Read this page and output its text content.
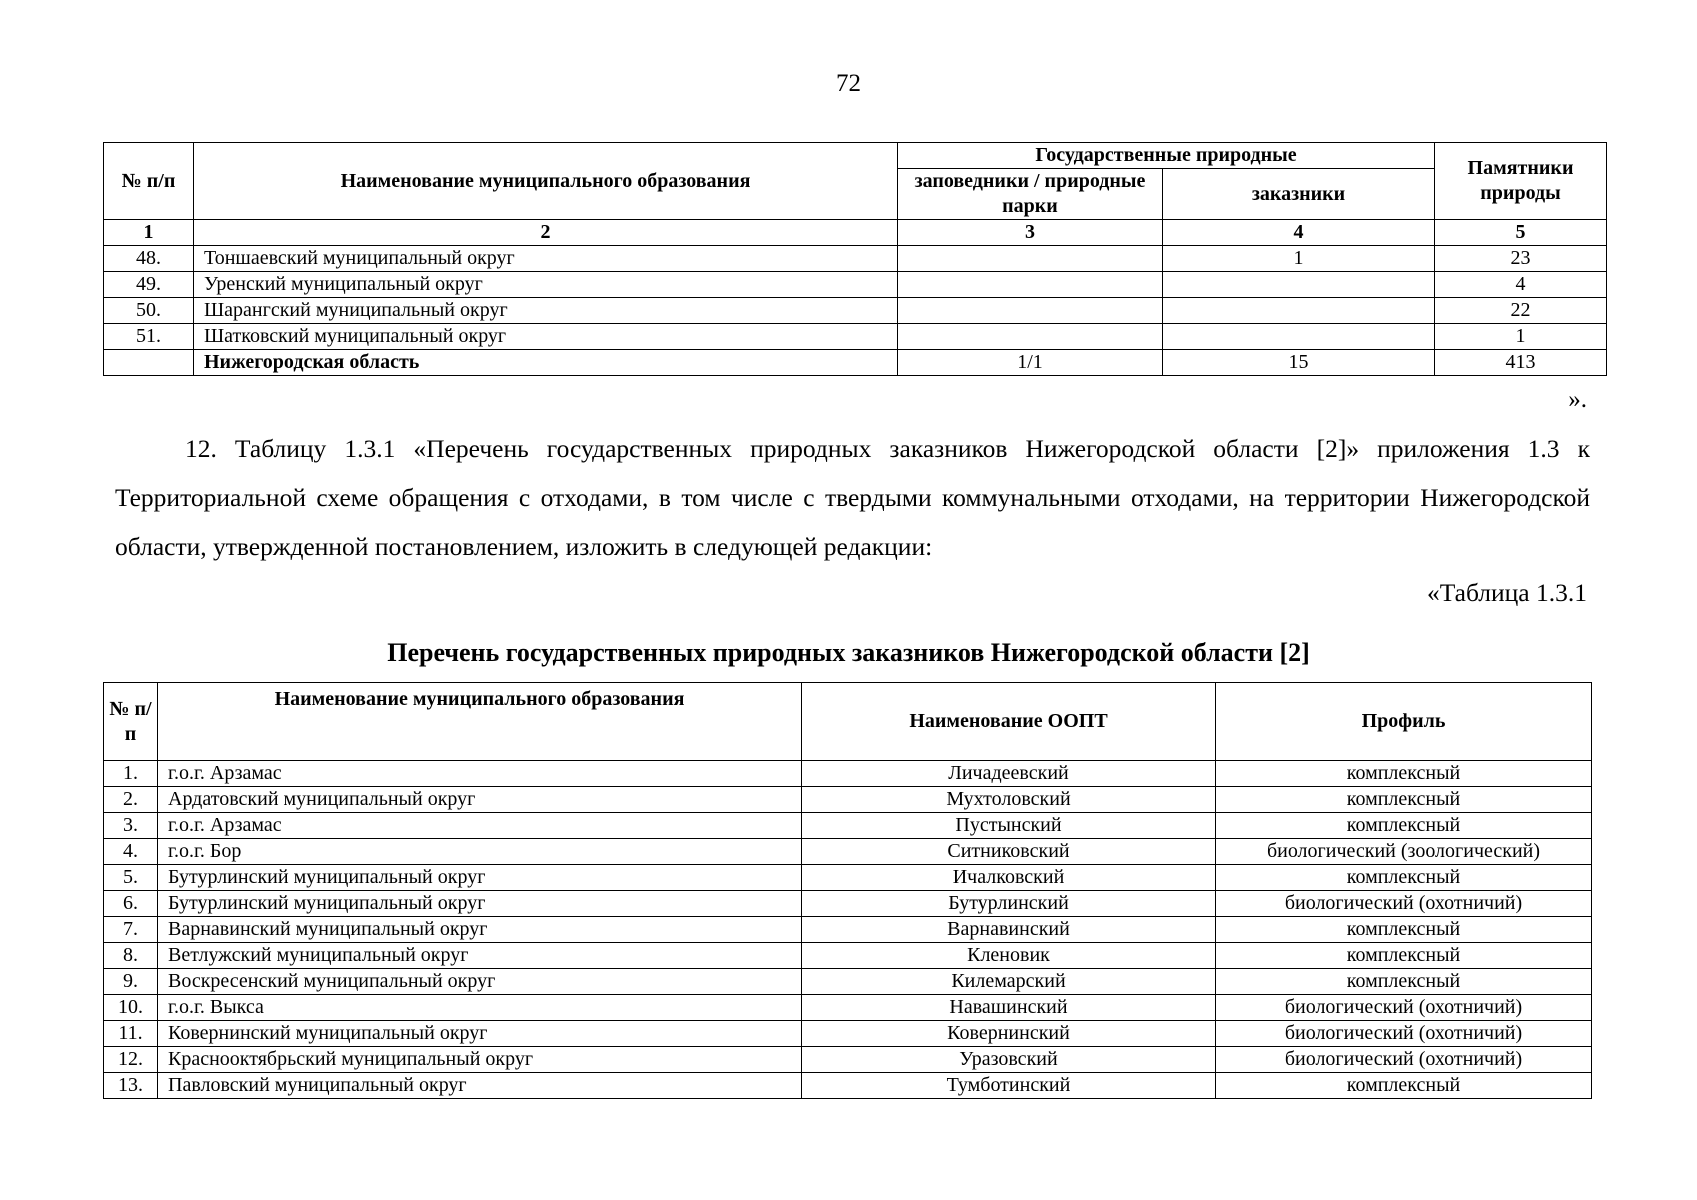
72
№ п/п	Наименование муниципального образования	Государственные природные		Памятники природы
		заповедники / природные парки	заказники	
1	2	3	4	5
48.	Тоншаевский муниципальный округ		1	23
49.	Уренский муниципальный округ			4
50.	Шарангский муниципальный округ			22
51.	Шатковский муниципальный округ			1
	Нижегородская область	1/1	15	413
».
12. Таблицу 1.3.1 «Перечень государственных природных заказников Нижегородской области [2]» приложения 1.3 к Территориальной схеме обращения с отходами, в том числе с твердыми коммунальными отходами, на территории Нижегородской области, утвержденной постановлением, изложить в следующей редакции:
«Таблица 1.3.1
Перечень государственных природных заказников Нижегородской области [2]
№ п/п	Наименование муниципального образования	Наименование ООПТ	Профиль
1.	г.о.г. Арзамас	Личадеевский	комплексный
2.	Ардатовский муниципальный округ	Мухтоловский	комплексный
3.	г.о.г. Арзамас	Пустынский	комплексный
4.	г.о.г. Бор	Ситниковский	биологический (зоологический)
5.	Бутурлинский муниципальный округ	Ичалковский	комплексный
6.	Бутурлинский муниципальный округ	Бутурлинский	биологический (охотничий)
7.	Варнавинский муниципальный округ	Варнавинский	комплексный
8.	Ветлужский муниципальный округ	Кленовик	комплексный
9.	Воскресенский муниципальный округ	Килемарский	комплексный
10.	г.о.г. Выкса	Навашинский	биологический (охотничий)
11.	Ковернинский муниципальный округ	Ковернинский	биологический (охотничий)
12.	Краснооктябрьский муниципальный округ	Уразовский	биологический (охотничий)
13.	Павловский муниципальный округ	Тумботинский	комплексный
